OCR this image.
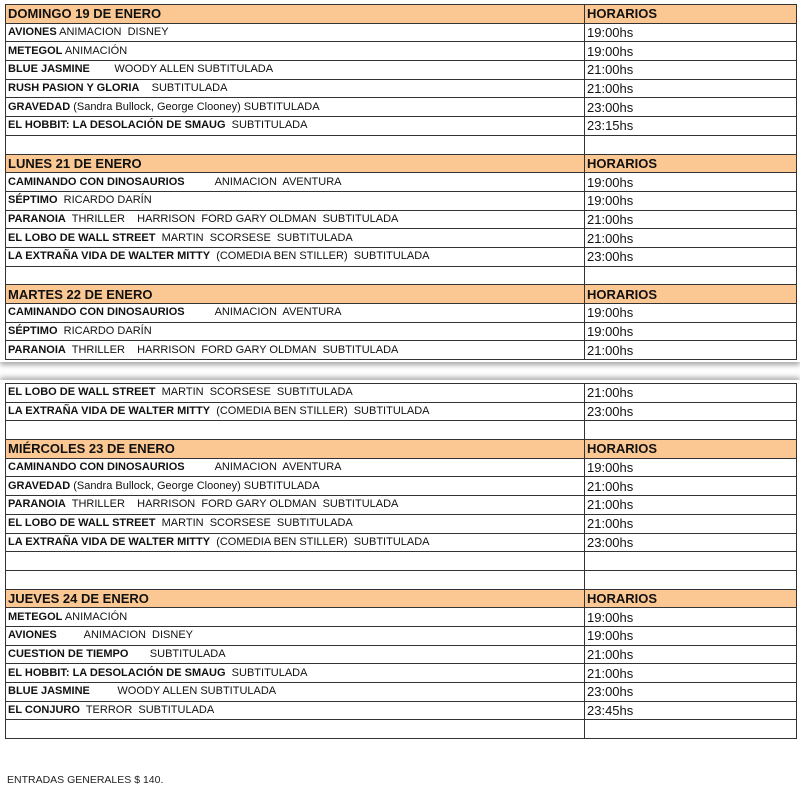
DOMINGO 19 DE ENERO	HORARIOS
AVIONES ANIMACION  DISNEY	19:00hs
METEGOL ANIMACIÓN	19:00hs
BLUE JASMINE        WOODY ALLEN SUBTITULADA	21:00hs
RUSH PASION Y GLORIA    SUBTITULADA	21:00hs
GRAVEDAD (Sandra Bullock, George Clooney) SUBTITULADA	23:00hs
EL HOBBIT: LA DESOLACIÓN DE SMAUG  SUBTITULADA	23:15hs

LUNES 21 DE ENERO	HORARIOS
CAMINANDO CON DINOSAURIOS          ANIMACION  AVENTURA	19:00hs
SÉPTIMO  RICARDO DARÍN	19:00hs
PARANOIA  THRILLER    HARRISON  FORD GARY OLDMAN  SUBTITULADA	21:00hs
EL LOBO DE WALL STREET  MARTIN  SCORSESE  SUBTITULADA	21:00hs
LA EXTRAÑA VIDA DE WALTER MITTY  (COMEDIA BEN STILLER)  SUBTITULADA	23:00hs

MARTES 22 DE ENERO	HORARIOS
CAMINANDO CON DINOSAURIOS          ANIMACION  AVENTURA	19:00hs
SÉPTIMO  RICARDO DARÍN	19:00hs
PARANOIA  THRILLER    HARRISON  FORD GARY OLDMAN  SUBTITULADA	21:00hs
EL LOBO DE WALL STREET  MARTIN  SCORSESE  SUBTITULADA	21:00hs
LA EXTRAÑA VIDA DE WALTER MITTY  (COMEDIA BEN STILLER)  SUBTITULADA	23:00hs

MIÉRCOLES 23 DE ENERO	HORARIOS
CAMINANDO CON DINOSAURIOS          ANIMACION  AVENTURA	19:00hs
GRAVEDAD (Sandra Bullock, George Clooney) SUBTITULADA	21:00hs
PARANOIA  THRILLER    HARRISON  FORD GARY OLDMAN  SUBTITULADA	21:00hs
EL LOBO DE WALL STREET  MARTIN  SCORSESE  SUBTITULADA	21:00hs
LA EXTRAÑA VIDA DE WALTER MITTY  (COMEDIA BEN STILLER)  SUBTITULADA	23:00hs

JUEVES 24 DE ENERO	HORARIOS
METEGOL ANIMACIÓN	19:00hs
AVIONES         ANIMACION  DISNEY	19:00hs
CUESTION DE TIEMPO       SUBTITULADA	21:00hs
EL HOBBIT: LA DESOLACIÓN DE SMAUG  SUBTITULADA	21:00hs
BLUE JASMINE         WOODY ALLEN SUBTITULADA	23:00hs
EL CONJURO  TERROR  SUBTITULADA	23:45hs

ENTRADAS GENERALES $ 140.
